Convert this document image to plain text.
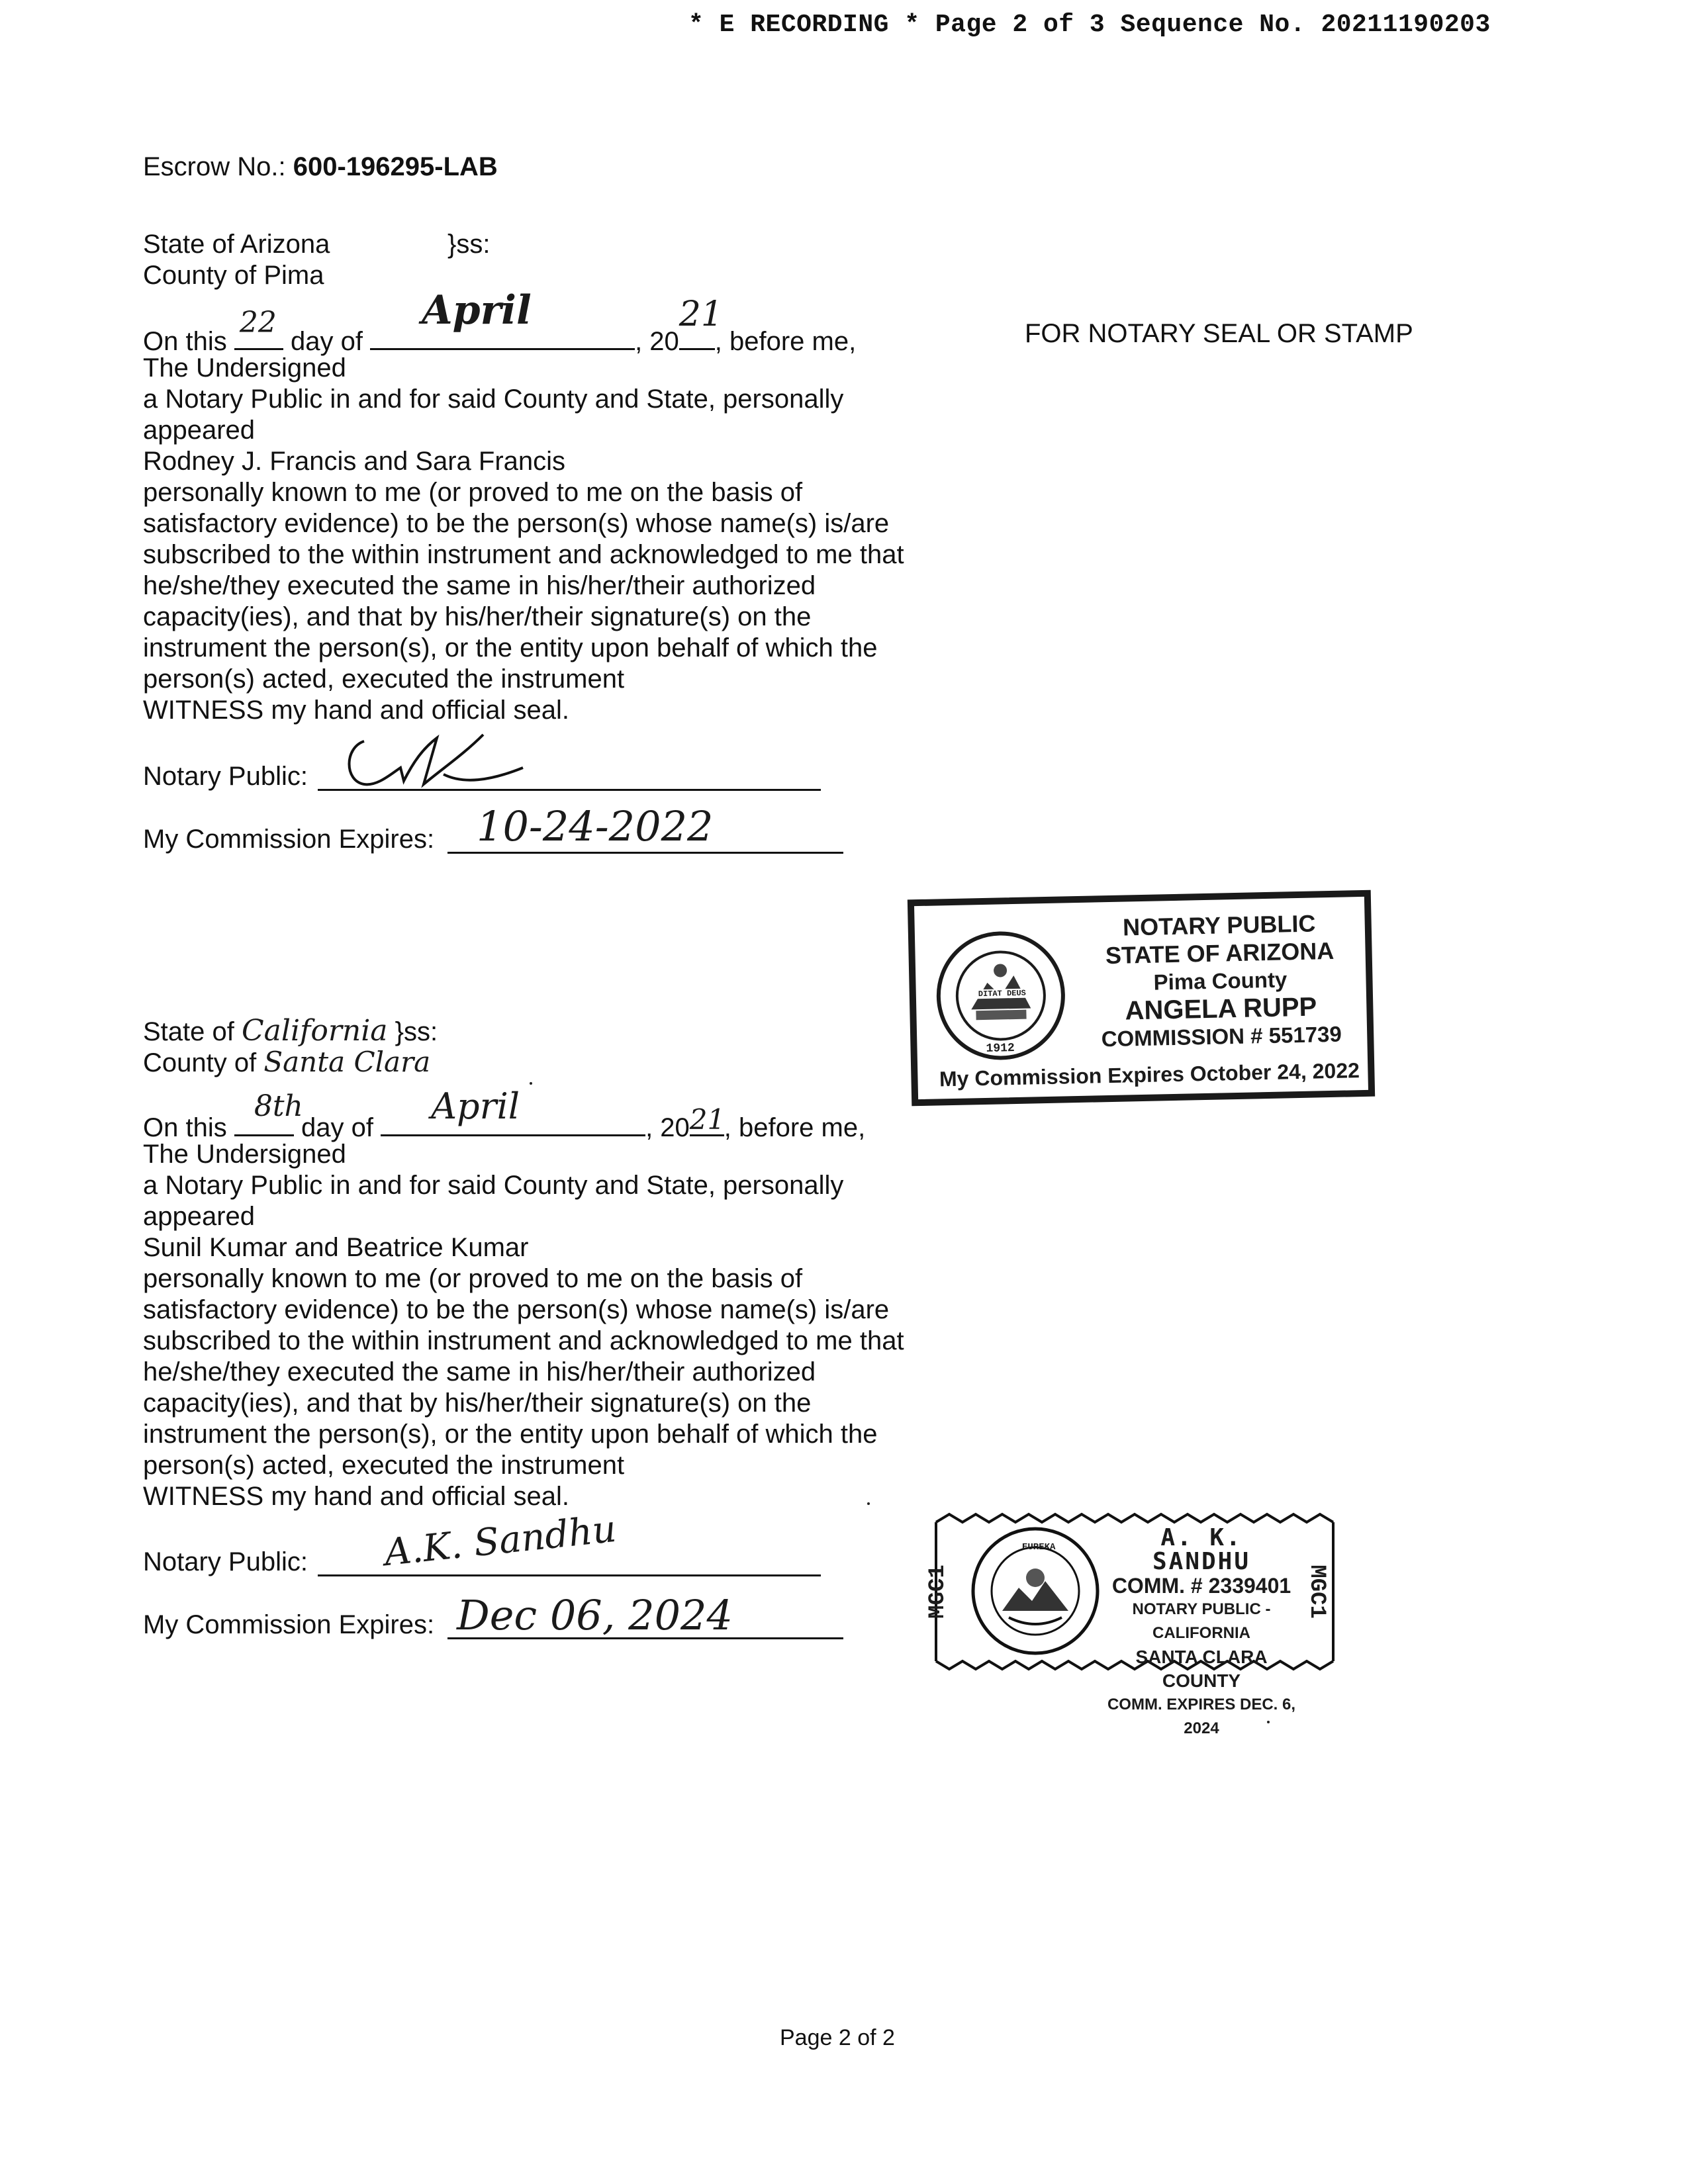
* E RECORDING * Page 2 of 3 Sequence No. 20211190203
Escrow No.: 600-196295-LAB
FOR NOTARY SEAL OR STAMP
State of Arizona	}ss:
County of Pima
On this
22
day of
April
, 20
21
, before me,
The Undersigned
a Notary Public in and for said County and State, personally
appeared
Rodney J. Francis and Sara Francis
personally known to me (or proved to me on the basis of
satisfactory evidence) to be the person(s) whose name(s) is/are
subscribed to the within instrument and acknowledged to me that
he/she/they executed the same in his/her/their authorized
capacity(ies), and that by his/her/their signature(s) on the
instrument the person(s), or the entity upon behalf of which the
person(s) acted, executed the instrument
WITNESS my hand and official seal.
Notary Public:
My Commission Expires: 10-24-2022
DITAT DEUS
1912
NOTARY PUBLIC
STATE OF ARIZONA
Pima County
ANGELA RUPP
COMMISSION # 551739
My Commission Expires October 24, 2022
State of California }ss:
County of Santa Clara
On this
8th
day of
April
, 20 21
, before me,
The Undersigned
a Notary Public in and for said County and State, personally
appeared
Sunil Kumar and Beatrice Kumar
personally known to me (or proved to me on the basis of
satisfactory evidence) to be the person(s) whose name(s) is/are
subscribed to the within instrument and acknowledged to me that
he/she/they executed the same in his/her/their authorized
capacity(ies), and that by his/her/their signature(s) on the
instrument the person(s), or the entity upon behalf of which the
person(s) acted, executed the instrument
WITNESS my hand and official seal.
Notary Public: A.K. Sandhu
My Commission Expires: Dec 06, 2024	MGC1	MGC1
EUREKA	A. K. SANDHU
COMM. # 2339401
NOTARY PUBLIC - CALIFORNIA
SANTA CLARA COUNTY
COMM. EXPIRES DEC. 6, 2024
Page 2 of 2
